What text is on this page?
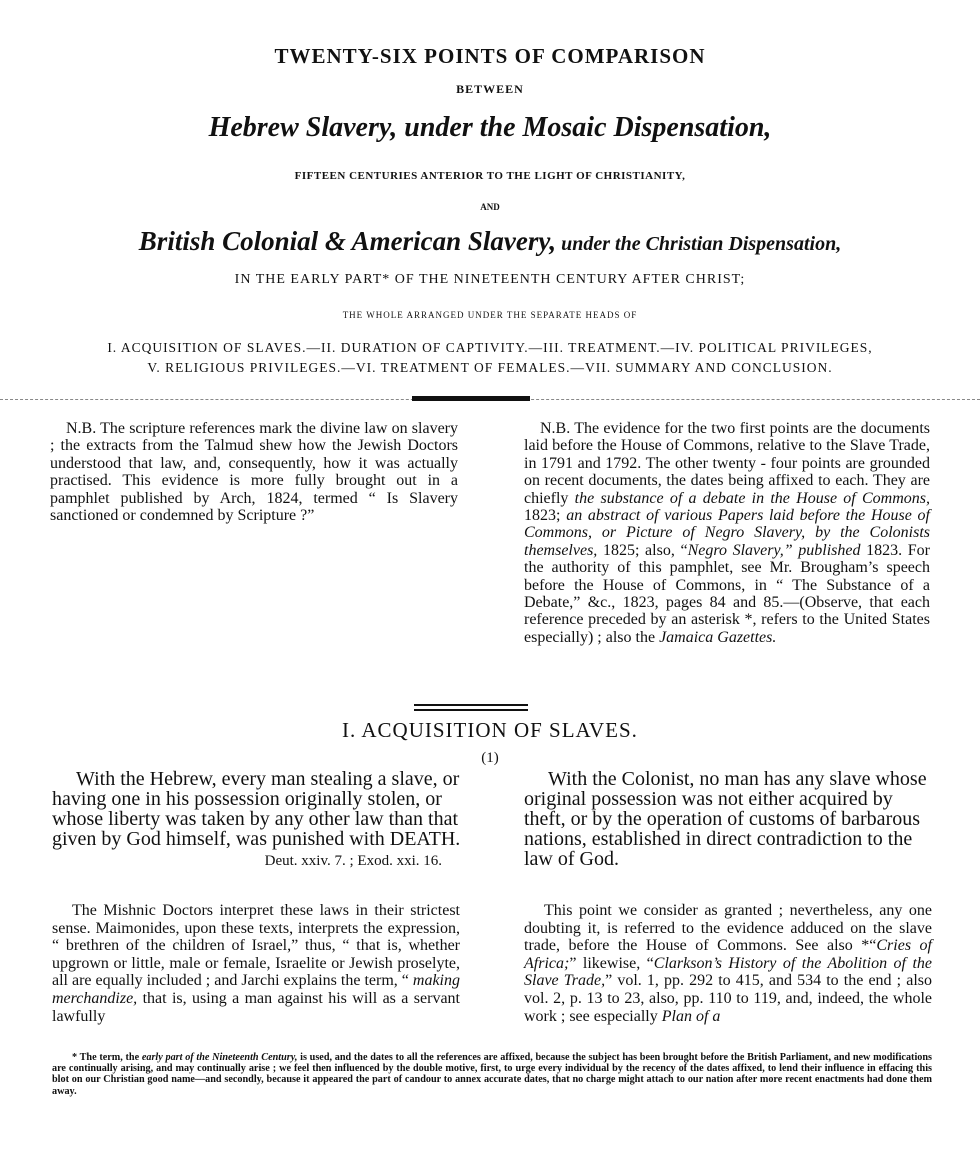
TWENTY-SIX POINTS OF COMPARISON
BETWEEN
Hebrew Slavery, under the Mosaic Dispensation,
FIFTEEN CENTURIES ANTERIOR TO THE LIGHT OF CHRISTIANITY,
AND
British Colonial & American Slavery, under the Christian Dispensation,
IN THE EARLY PART* OF THE NINETEENTH CENTURY AFTER CHRIST;
THE WHOLE ARRANGED UNDER THE SEPARATE HEADS OF
I. ACQUISITION OF SLAVES.—II. DURATION OF CAPTIVITY.—III. TREATMENT.—IV. POLITICAL PRIVILEGES,
V. RELIGIOUS PRIVILEGES.—VI. TREATMENT OF FEMALES.—VII. SUMMARY AND CONCLUSION.

N.B. The scripture references mark the divine law on slavery ; the extracts from the Talmud shew how the Jewish Doctors understood that law, and, consequently, how it was actually practised. This evidence is more fully brought out in a pamphlet published by Arch, 1824, termed “ Is Slavery sanctioned or condemned by Scripture ?”

N.B. The evidence for the two first points are the documents laid before the House of Commons, relative to the Slave Trade, in 1791 and 1792. The other twenty - four points are grounded on recent documents, the dates being affixed to each. They are chiefly the substance of a debate in the House of Commons, 1823; an abstract of various Papers laid before the House of Commons, or Picture of Negro Slavery, by the Colonists themselves, 1825; also, “Negro Slavery,” published 1823. For the authority of this pamphlet, see Mr. Brougham’s speech before the House of Commons, in “ The Substance of a Debate,” &c., 1823, pages 84 and 85.—(Observe, that each reference preceded by an asterisk *, refers to the United States especially) ; also the Jamaica Gazettes.

I. ACQUISITION OF SLAVES.
(1)

With the Hebrew, every man stealing a slave, or having one in his possession originally stolen, or whose liberty was taken by any other law than that given by God himself, was punished with DEATH.

Deut. xxiv. 7. ; Exod. xxi. 16.

With the Colonist, no man has any slave whose original possession was not either acquired by theft, or by the operation of customs of barbarous nations, established in direct contradiction to the law of God.

The Mishnic Doctors interpret these laws in their strictest sense. Maimonides, upon these texts, interprets the expression, “ brethren of the children of Israel,” thus, “ that is, whether upgrown or little, male or female, Israelite or Jewish proselyte, all are equally included ; and Jarchi explains the term, “ making merchandize, that is, using a man against his will as a servant lawfully

This point we consider as granted ; nevertheless, any one doubting it, is referred to the evidence adduced on the slave trade, before the House of Commons. See also *“Cries of Africa;” likewise, “Clarkson’s History of the Abolition of the Slave Trade,” vol. 1, pp. 292 to 415, and 534 to the end ; also vol. 2, p. 13 to 23, also, pp. 110 to 119, and, indeed, the whole work ; see especially Plan of a

* The term, the early part of the Nineteenth Century, is used, and the dates to all the references are affixed, because the subject has been brought before the British Parliament, and new modifications are continually arising, and may continually arise ; we feel then influenced by the double motive, first, to urge every individual by the recency of the dates affixed, to lend their influence in effacing this blot on our Christian good name—and secondly, because it appeared the part of candour to annex accurate dates, that no charge might attach to our nation after more recent enactments had done them away.
